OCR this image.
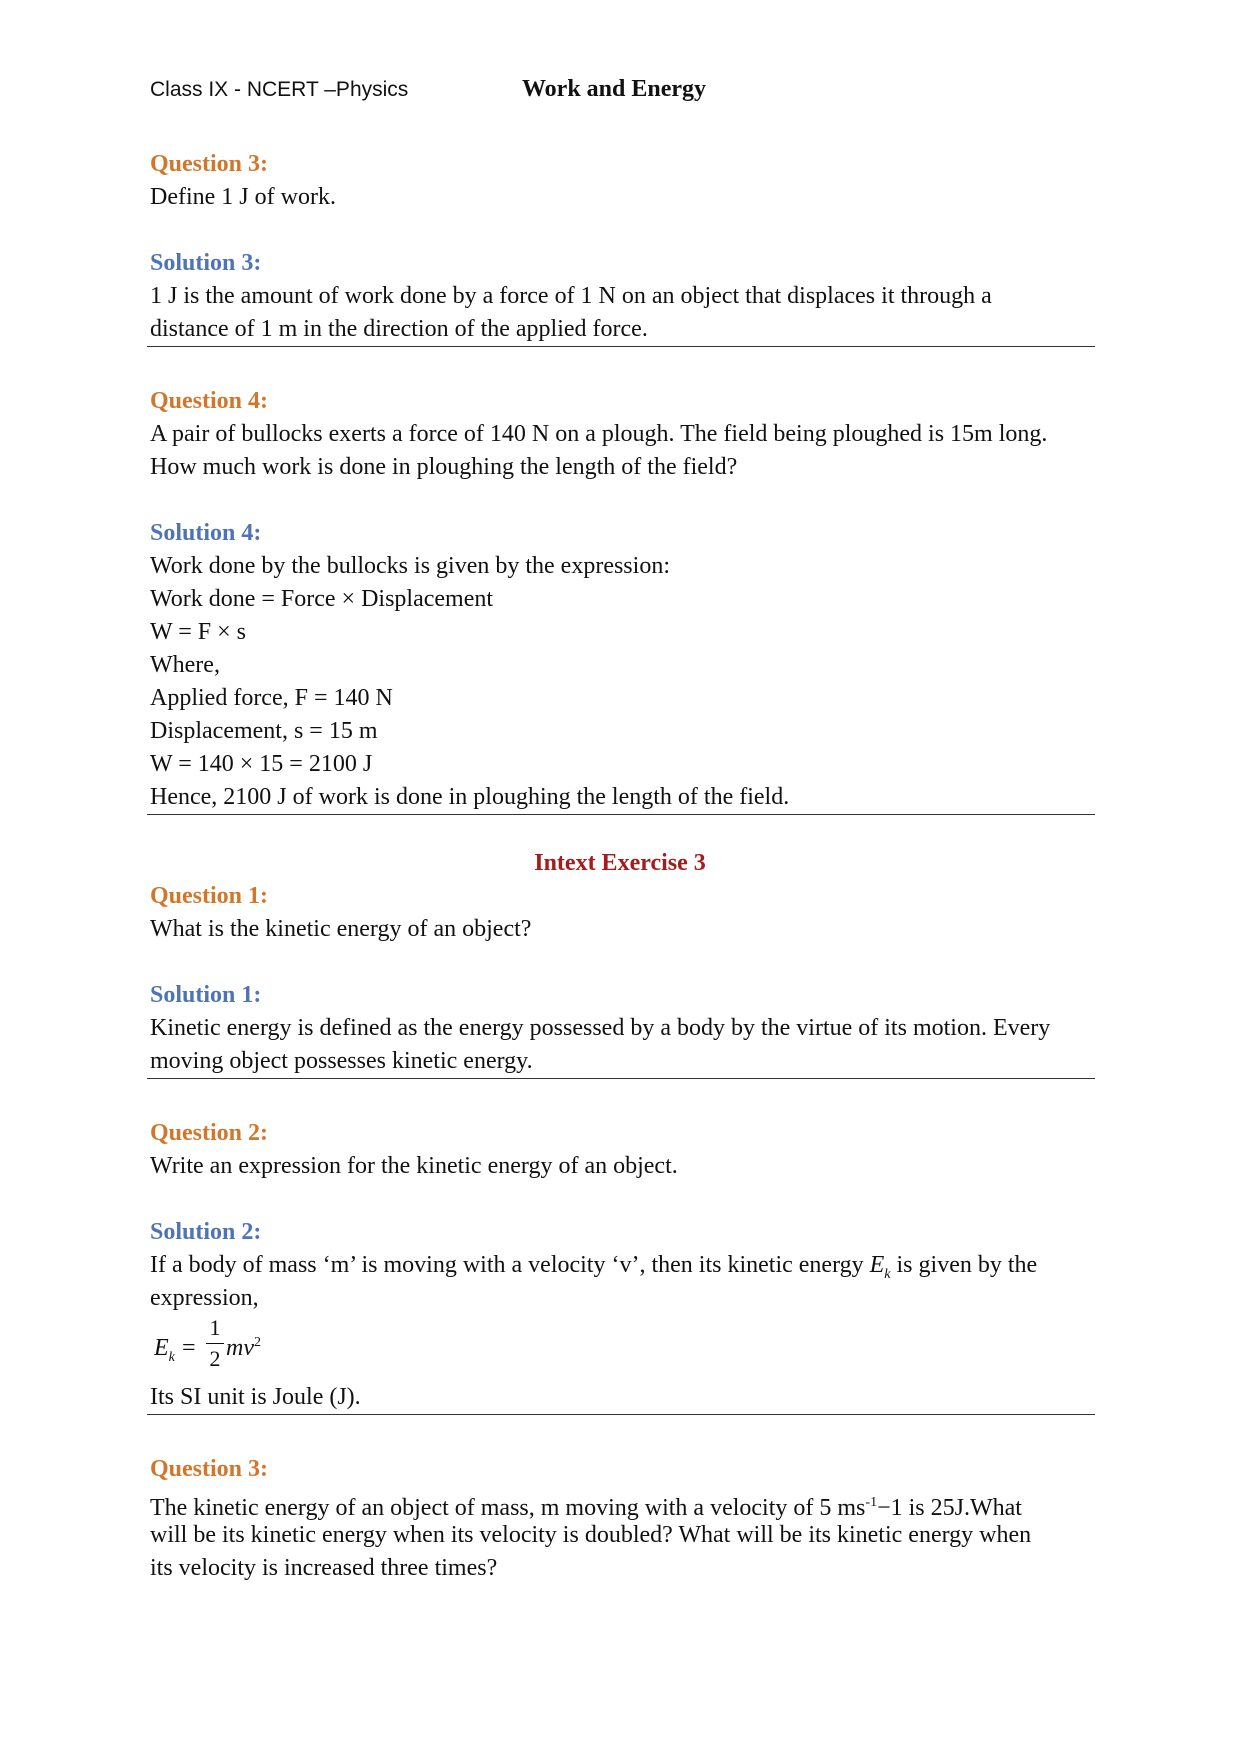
Class IX - NCERT –Physics	Work and Energy
Question 3:
Define 1 J of work.
Solution 3:
1 J is the amount of work done by a force of 1 N on an object that displaces it through a
distance of 1 m in the direction of the applied force.
Question 4:
A pair of bullocks exerts a force of 140 N on a plough. The field being ploughed is 15m long.
How much work is done in ploughing the length of the field?
Solution 4:
Work done by the bullocks is given by the expression:
Work done = Force × Displacement
W = F × s
Where,
Applied force, F = 140 N
Displacement, s = 15 m
W = 140 × 15 = 2100 J
Hence, 2100 J of work is done in ploughing the length of the field.
Intext Exercise 3
Question 1:
What is the kinetic energy of an object?
Solution 1:
Kinetic energy is defined as the energy possessed by a body by the virtue of its motion. Every
moving object possesses kinetic energy.
Question 2:
Write an expression for the kinetic energy of an object.
Solution 2:
If a body of mass ‘m’ is moving with a velocity ‘v’, then its kinetic energy $E_k$ is given by the
expression,
$E_k$ =
1
2 $mv^2$
Its SI unit is Joule (J).
Question 3:
The kinetic energy of an object of mass, m moving with a velocity of 5 $ms^{-1}-1$ is 25J.What
will be its kinetic energy when its velocity is doubled? What will be its kinetic energy when
its velocity is increased three times?
